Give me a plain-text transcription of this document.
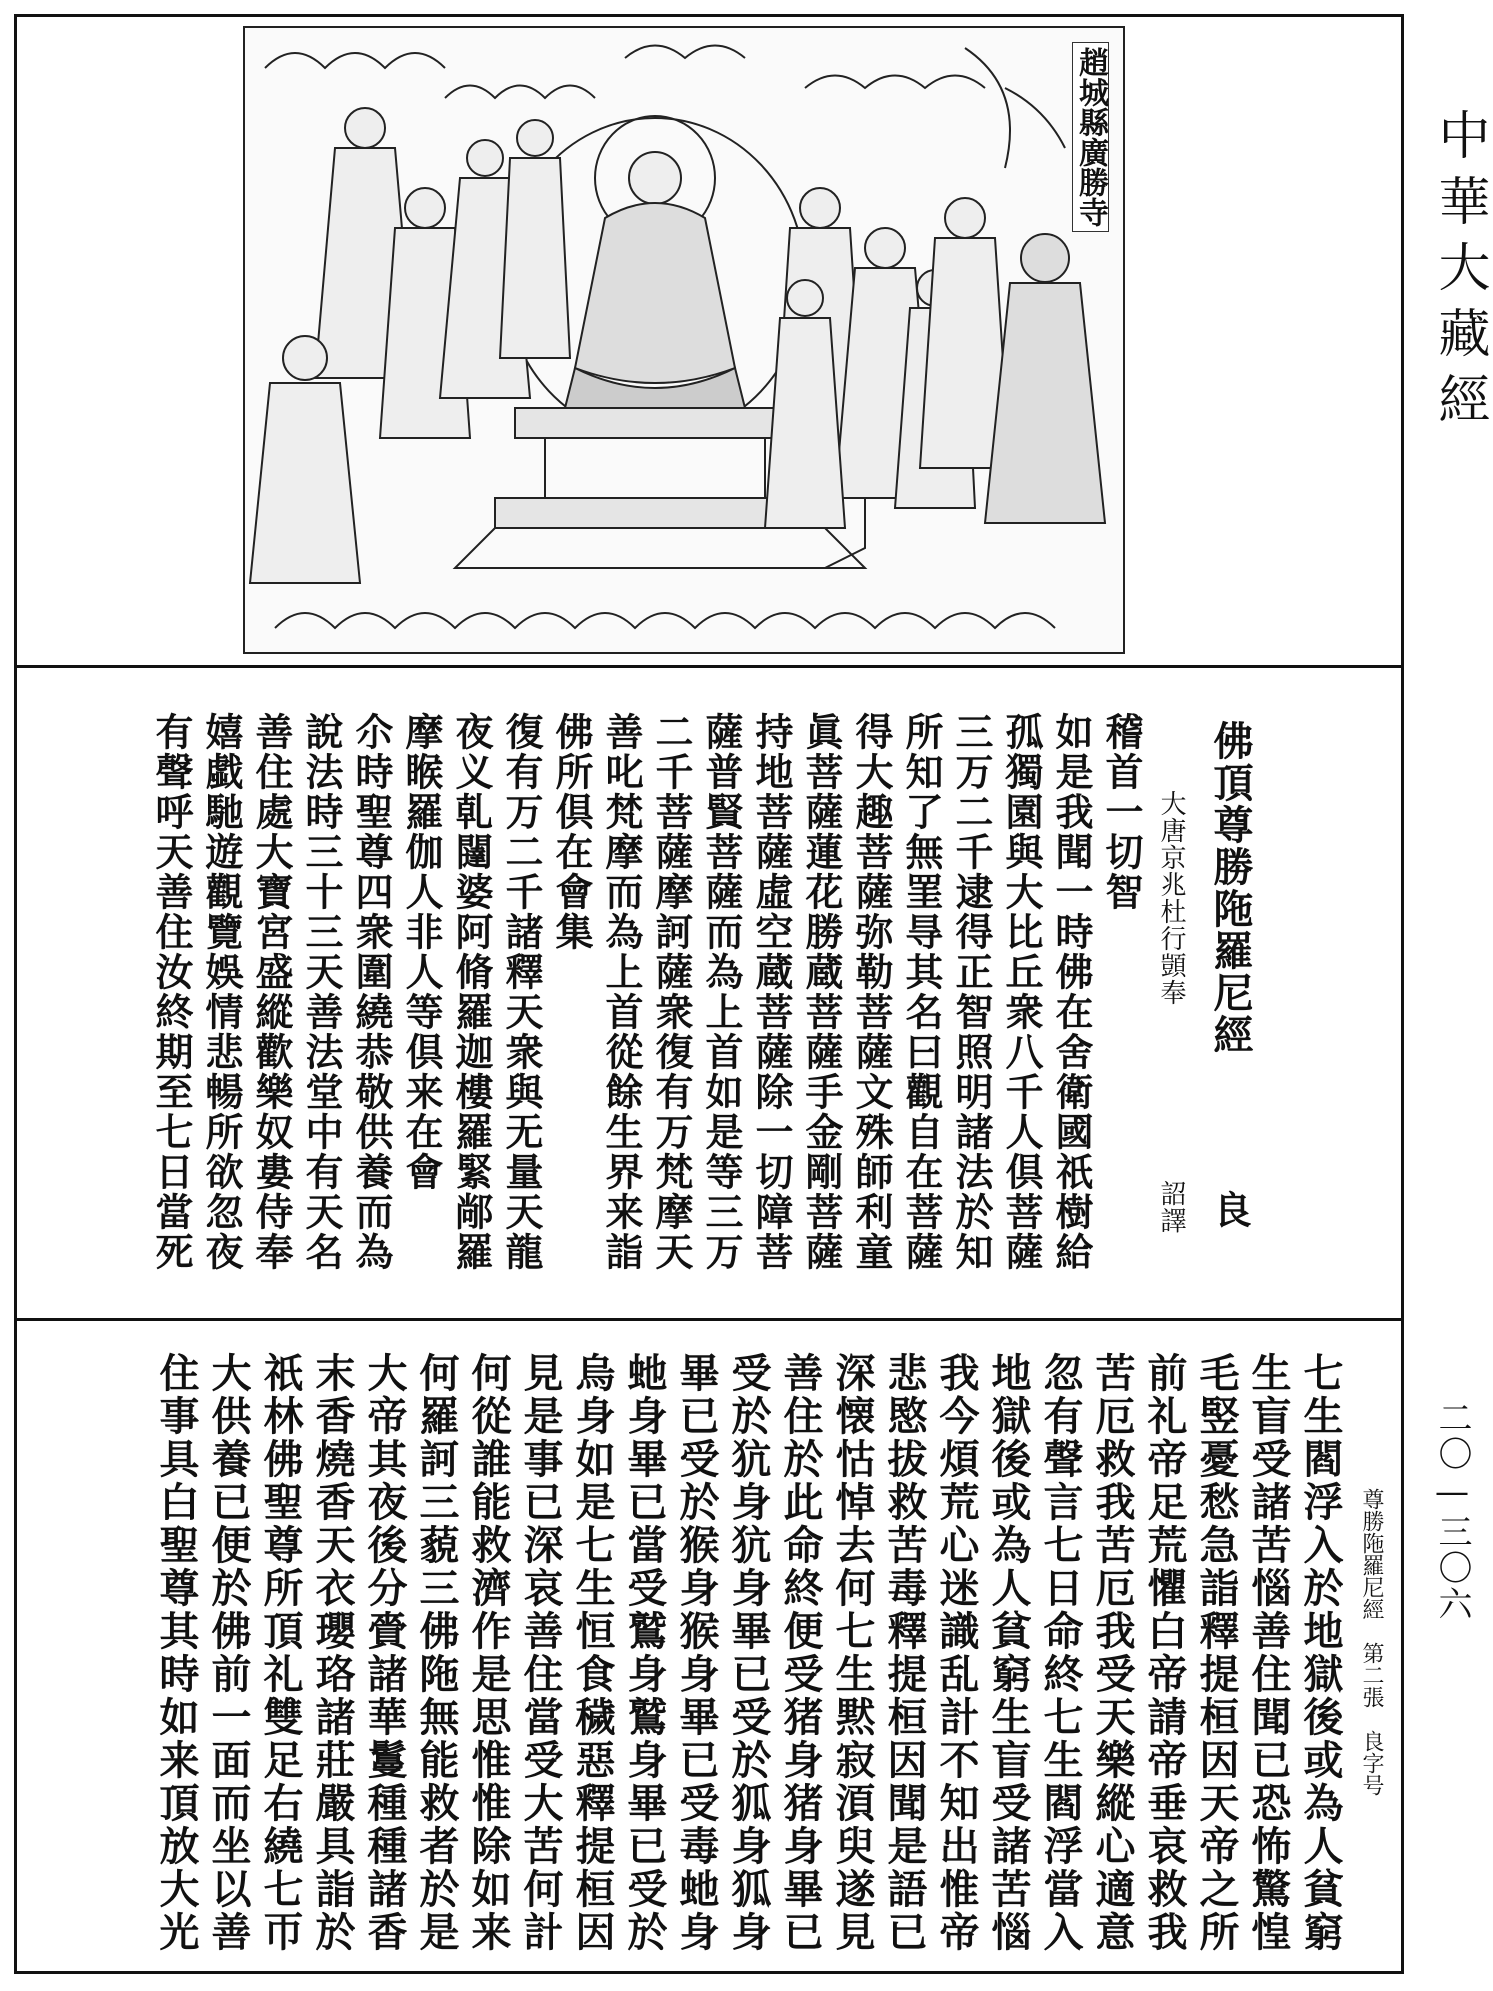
趙城縣廣勝寺	中華大藏經
二〇—三〇六
尊勝陁羅尼經　第二張　良字号
佛頂尊勝陁羅尼經
良
大唐京兆杜行顗奉
詔譯
稽首一切智
如是我聞一時佛在舍衛國祇樹給
孤獨園與大比丘衆八千人倶菩薩
三万二千逮得正智照明諸法於知
所知了無罣㝵其名曰觀自在菩薩
得大趣菩薩弥勒菩薩文殊師利童
眞菩薩蓮花勝蔵菩薩手金剛菩薩
持地菩薩虛空蔵菩薩除一切障菩
薩普賢菩薩而為上首如是等三万
二千菩薩摩訶薩衆復有万梵摩天
善叱梵摩而為上首從餘生界来詣
佛所倶在會集
復有万二千諸釋天衆與无量天龍
夜义乹闥婆阿脩羅迦樓羅緊䣊羅
摩睺羅伽人非人等倶来在會
尒時聖尊四衆圍繞恭敬供養而為
說法時三十三天善法堂中有天名
善住處大寶宮盛縱歡樂奴婁侍奉
嬉戱馳遊觀覽娛情悲暢所欲忽夜
有聲呼天善住汝終期至七日當死
七生閻浮入於地獄後或為人貧窮
生盲受諸苦惱善住聞已恐怖驚惶
毛竪憂愁急詣釋提桓因天帝之所
前礼帝足荒懼白帝請帝垂哀救我
苦厄救我苦厄我受天樂縱心適意
忽有聲言七日命終七生閻浮當入
地獄後或為人貧窮生盲受諸苦惱
我今煩荒心迷識乱計不知出惟帝
悲愍拔救苦毒釋提桓因聞是語已
深懐怙悼去何七生黙寂湏臾遂見
善住於此命終便受猪身猪身畢已
受於犺身犺身畢已受於狐身狐身
畢已受於猴身猴身畢已受毒虵身
虵身畢已當受鷲身鷲身畢已受於
烏身如是七生恒食穢惡釋提桓因
見是事已深哀善住當受大苦何計
何從誰能救濟作是思惟惟除如来
何羅訶三藐三佛陁無能救者於是
大帝其夜後分賫諸華鬘種種諸香
末香燒香天衣瓔珞諸莊嚴具詣於
祇林佛聖尊所頂礼雙足右繞七帀
大供養已便於佛前一面而坐以善
住事具白聖尊其時如来頂放大光
